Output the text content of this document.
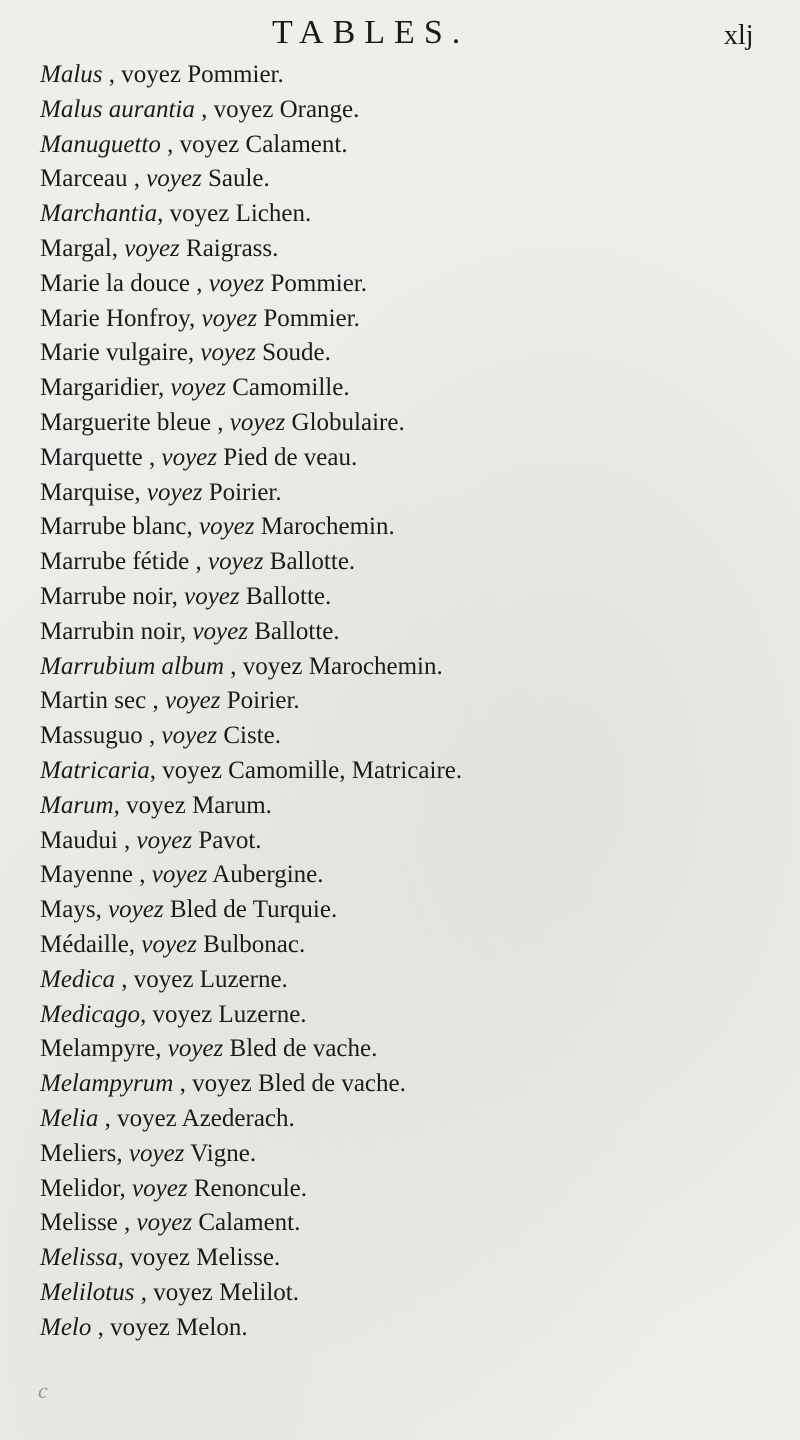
TABLES.	xlj
Malus , voyez Pommier.
Malus aurantia , voyez Orange.
Manuguetto , voyez Calament.
Marceau , voyez Saule.
Marchantia, voyez Lichen.
Margal, voyez Raigrass.
Marie la douce , voyez Pommier.
Marie Honfroy, voyez Pommier.
Marie vulgaire, voyez Soude.
Margaridier, voyez Camomille.
Marguerite bleue , voyez Globulaire.
Marquette , voyez Pied de veau.
Marquise, voyez Poirier.
Marrube blanc, voyez Marochemin.
Marrube fétide , voyez Ballotte.
Marrube noir, voyez Ballotte.
Marrubin noir, voyez Ballotte.
Marrubium album , voyez Marochemin.
Martin sec , voyez Poirier.
Massuguo , voyez Ciste.
Matricaria, voyez Camomille, Matricaire.
Marum, voyez Marum.
Maudui , voyez Pavot.
Mayenne , voyez Aubergine.
Mays, voyez Bled de Turquie.
Médaille, voyez Bulbonac.
Medica , voyez Luzerne.
Medicago, voyez Luzerne.
Melampyre, voyez Bled de vache.
Melampyrum , voyez Bled de vache.
Melia , voyez Azederach.
Meliers, voyez Vigne.
Melidor, voyez Renoncule.
Melisse , voyez Calament.
Melissa, voyez Melisse.
Melilotus , voyez Melilot.
Melo , voyez Melon.
c
